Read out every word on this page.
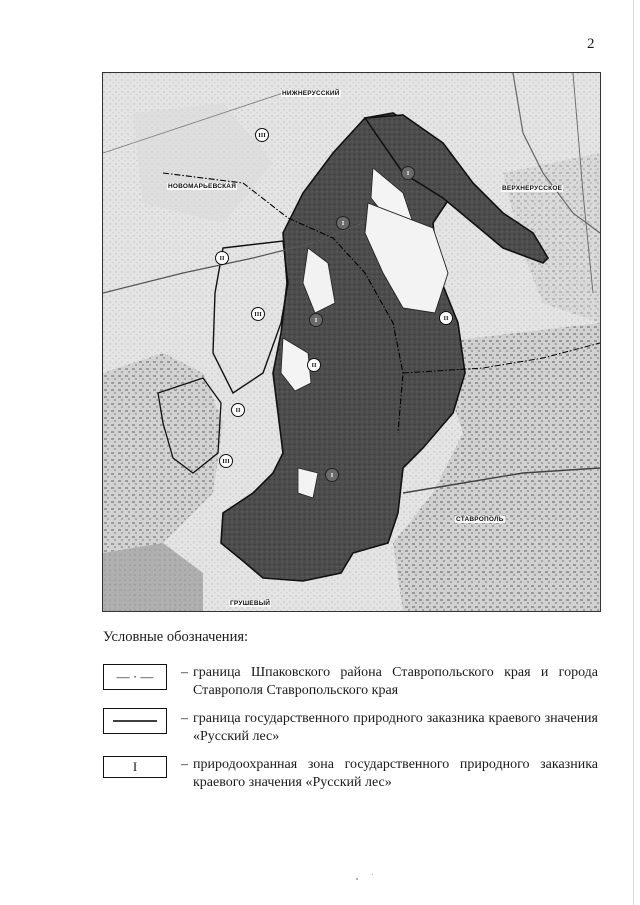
2
НИЖНЕРУССКИЙ
НОВОМАРЬЕВСКАЯ	ВЕРХНЕРУССКОЕ
СТАВРОПОЛЬ
ГРУШЕВЫЙ
III
II
III
I
I
I
II
II
II
III
I
Условные обозначения:
— · —	– граница Шпаковского района Ставропольского края и города Ставрополя Ставропольского края
– граница государственного природного заказника краевого значения «Русский лес»
I	– природоохранная зона государственного природного заказника краевого значения «Русский лес»
